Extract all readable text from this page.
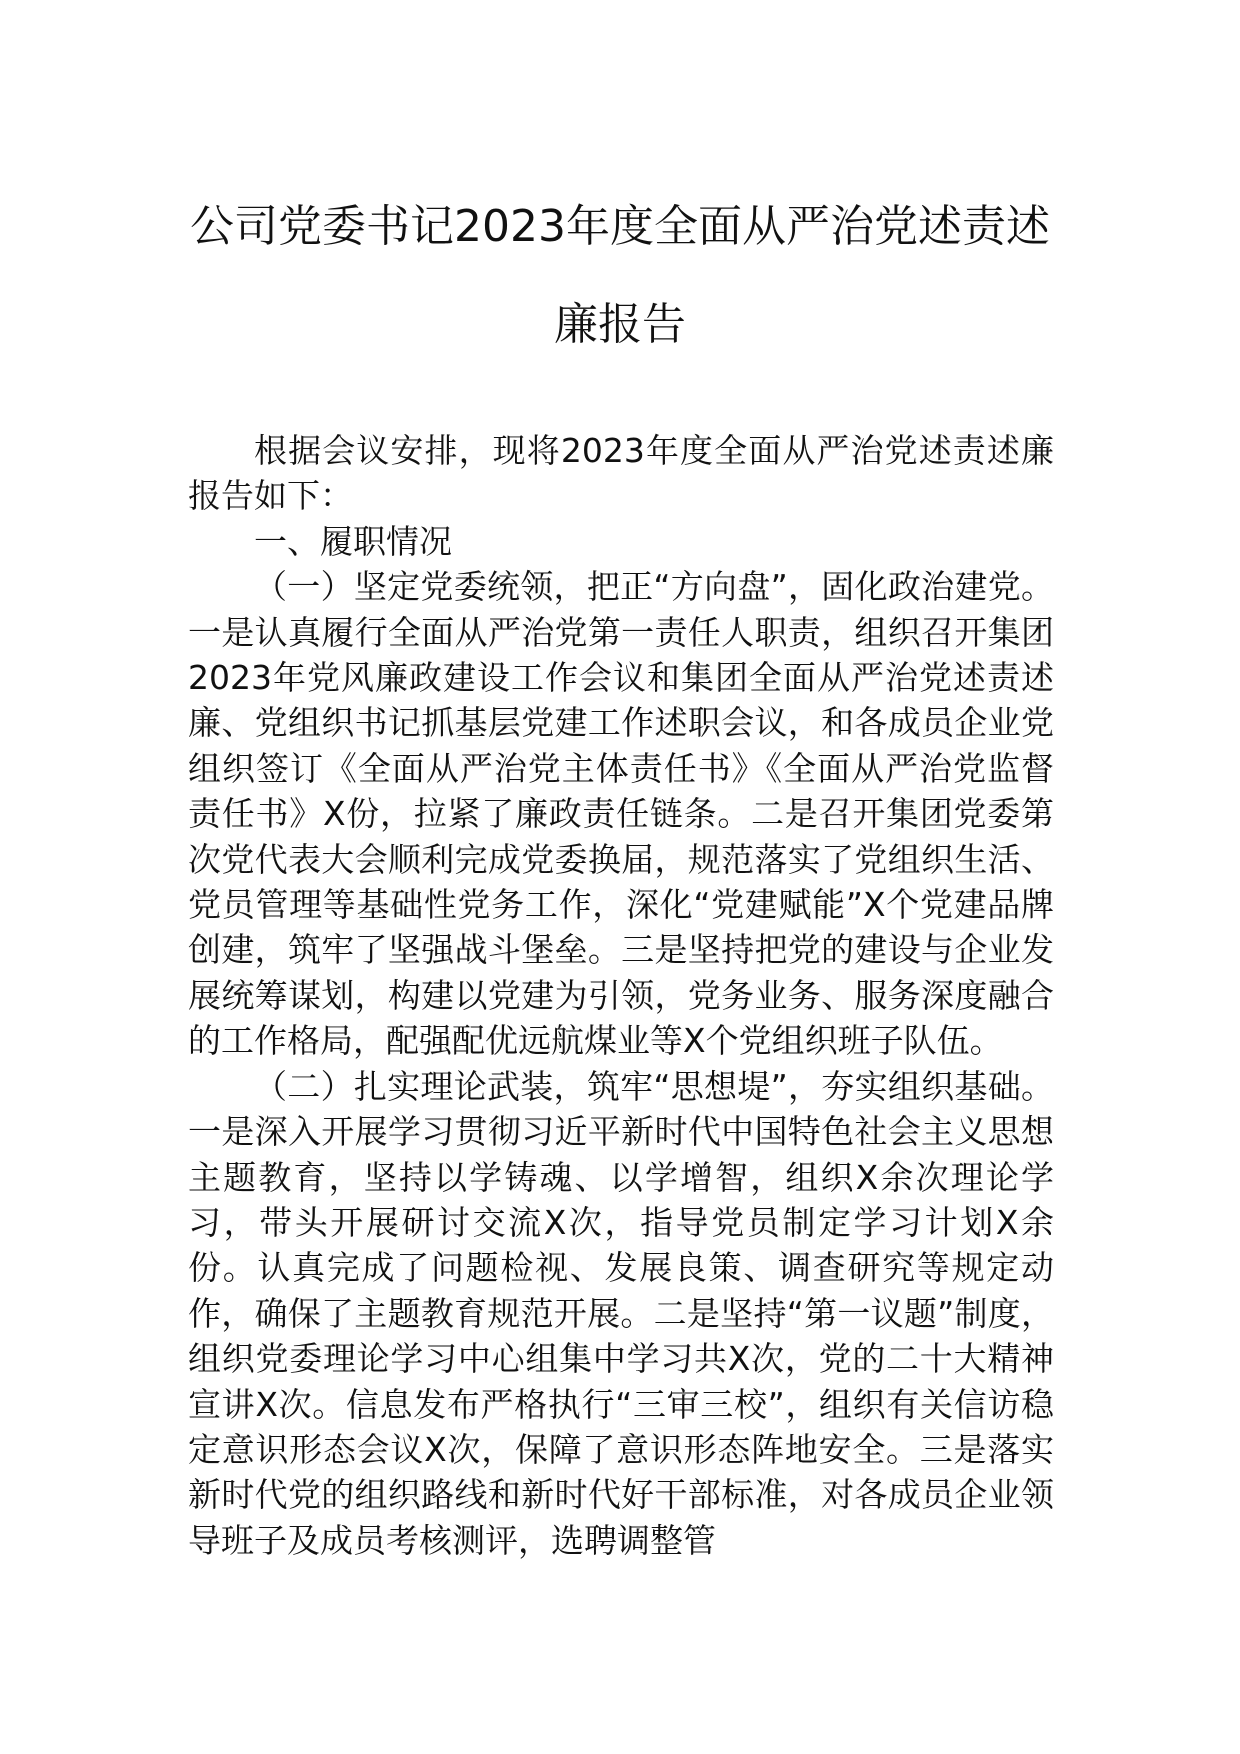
公司党委书记2023年度全面从严治党述责述廉报告

根据会议安排，现将2023年度全面从严治党述责述廉报告如下：

一、履职情况

（一）坚定党委统领，把正“方向盘”，固化政治建党。一是认真履行全面从严治党第一责任人职责，组织召开集团2023年党风廉政建设工作会议和集团全面从严治党述责述廉、党组织书记抓基层党建工作述职会议，和各成员企业党组织签订《全面从严治党主体责任书》《全面从严治党监督责任书》X份，拉紧了廉政责任链条。二是召开集团党委第次党代表大会顺利完成党委换届，规范落实了党组织生活、党员管理等基础性党务工作，深化“党建赋能”X个党建品牌创建，筑牢了坚强战斗堡垒。三是坚持把党的建设与企业发展统筹谋划，构建以党建为引领，党务业务、服务深度融合的工作格局，配强配优远航煤业等X个党组织班子队伍。

（二）扎实理论武装，筑牢“思想堤”，夯实组织基础。一是深入开展学习贯彻习近平新时代中国特色社会主义思想主题教育，坚持以学铸魂、以学增智，组织X余次理论学习，带头开展研讨交流X次，指导党员制定学习计划X余份。认真完成了问题检视、发展良策、调查研究等规定动作，确保了主题教育规范开展。二是坚持“第一议题”制度，组织党委理论学习中心组集中学习共X次，党的二十大精神宣讲X次。信息发布严格执行“三审三校”，组织有关信访稳定意识形态会议X次，保障了意识形态阵地安全。三是落实新时代党的组织路线和新时代好干部标准，对各成员企业领导班子及成员考核测评，选聘调整管
